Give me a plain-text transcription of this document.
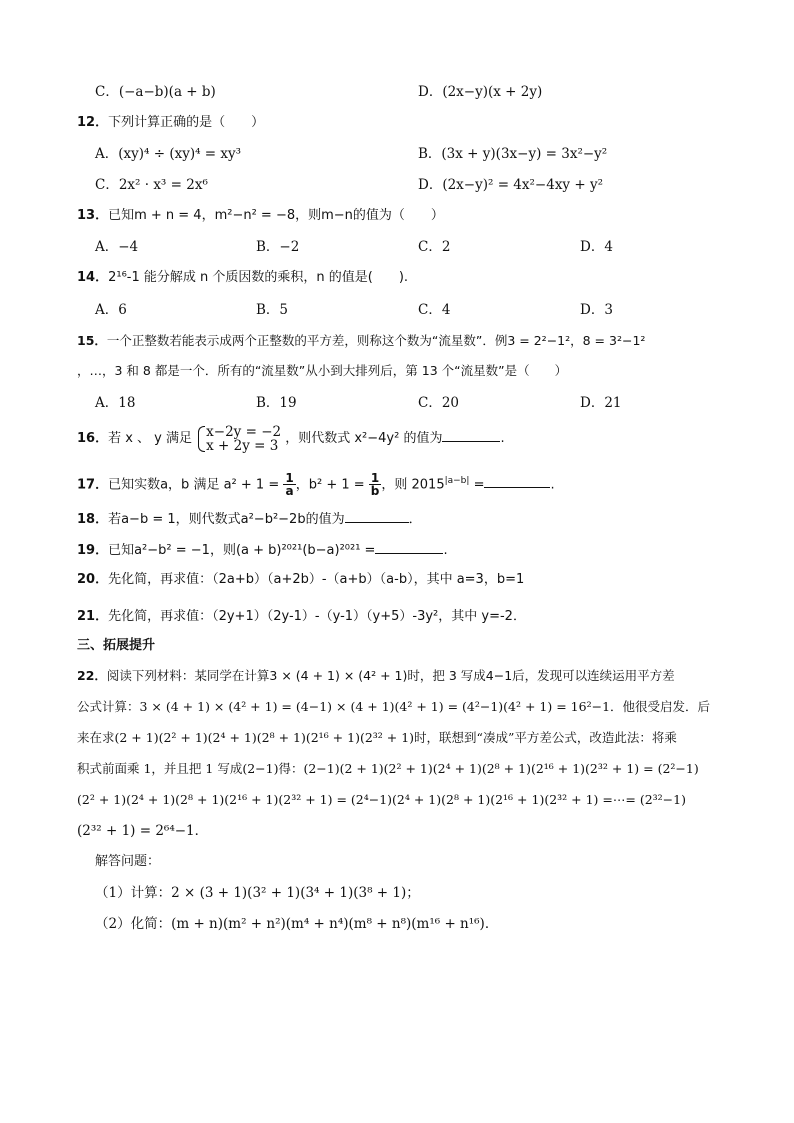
C．(−a−b)(a + b)	D．(2x−y)(x + 2y)
12．下列计算正确的是（　　）
A．(xy)⁴ ÷ (xy)⁴ = xy³	B．(3x + y)(3x−y) = 3x²−y²
C．2x² · x³ = 2x⁶	D．(2x−y)² = 4x²−4xy + y²
13．已知m + n = 4，m²−n² = −8，则m−n的值为（　　）
A．−4	B．−2	C．2	D．4
14．2¹⁶-1 能分解成 n 个质因数的乘积，n 的值是(　　).
A．6	B．5	C．4	D．3
15．一个正整数若能表示成两个正整数的平方差，则称这个数为“流星数”．例3 = 2²−1²，8 = 3²−1²
，…，3 和 8 都是一个．所有的“流星数”从小到大排列后，第 13 个“流星数”是（　　）
A．18	B．19	C．20	D．21
16．若 x 、 y 满足 x−2y = −2
x + 2y = 3 ，则代数式 x²−4y² 的值为	.
17．已知实数a，b 满足 $a^2 + 1 = \frac{1}{a}$ ，$b^2 + 1 = \frac{1}{b}$ ，则 $2015^{|a-b|}$ =	.
18．若a−b = 1，则代数式a²−b²−2b的值为	．
19．已知a²−b² = −1，则(a + b)²⁰²¹(b−a)²⁰²¹ =	.
20．先化简，再求值：（2a+b）（a+2b）-（a+b）（a-b），其中 a=3，b=1
21．先化简，再求值：（2y+1）（2y-1）-（y-1）（y+5）-3y²，其中 y=-2．
三、拓展提升
22．阅读下列材料：某同学在计算3 × (4 + 1) × (4² + 1)时，把 3 写成4−1后，发现可以连续运用平方差
公式计算：3 × (4 + 1) × (4² + 1) = (4−1) × (4 + 1)(4² + 1) = (4²−1)(4² + 1) = 16²−1．他很受启发．后
来在求(2 + 1)(2² + 1)(2⁴ + 1)(2⁸ + 1)(2¹⁶ + 1)(2³² + 1)时，联想到“凑成”平方差公式，改造此法：将乘
积式前面乘 1，并且把 1 写成(2−1)得：(2−1)(2 + 1)(2² + 1)(2⁴ + 1)(2⁸ + 1)(2¹⁶ + 1)(2³² + 1) = (2²−1)
(2² + 1)(2⁴ + 1)(2⁸ + 1)(2¹⁶ + 1)(2³² + 1) = (2⁴−1)(2⁴ + 1)(2⁸ + 1)(2¹⁶ + 1)(2³² + 1) =⋯= (2³²−1)
(2³² + 1) = 2⁶⁴−1．
解答问题：
（1）计算：2 × (3 + 1)(3² + 1)(3⁴ + 1)(3⁸ + 1)；
（2）化简：(m + n)(m² + n²)(m⁴ + n⁴)(m⁸ + n⁸)(m¹⁶ + n¹⁶)．
